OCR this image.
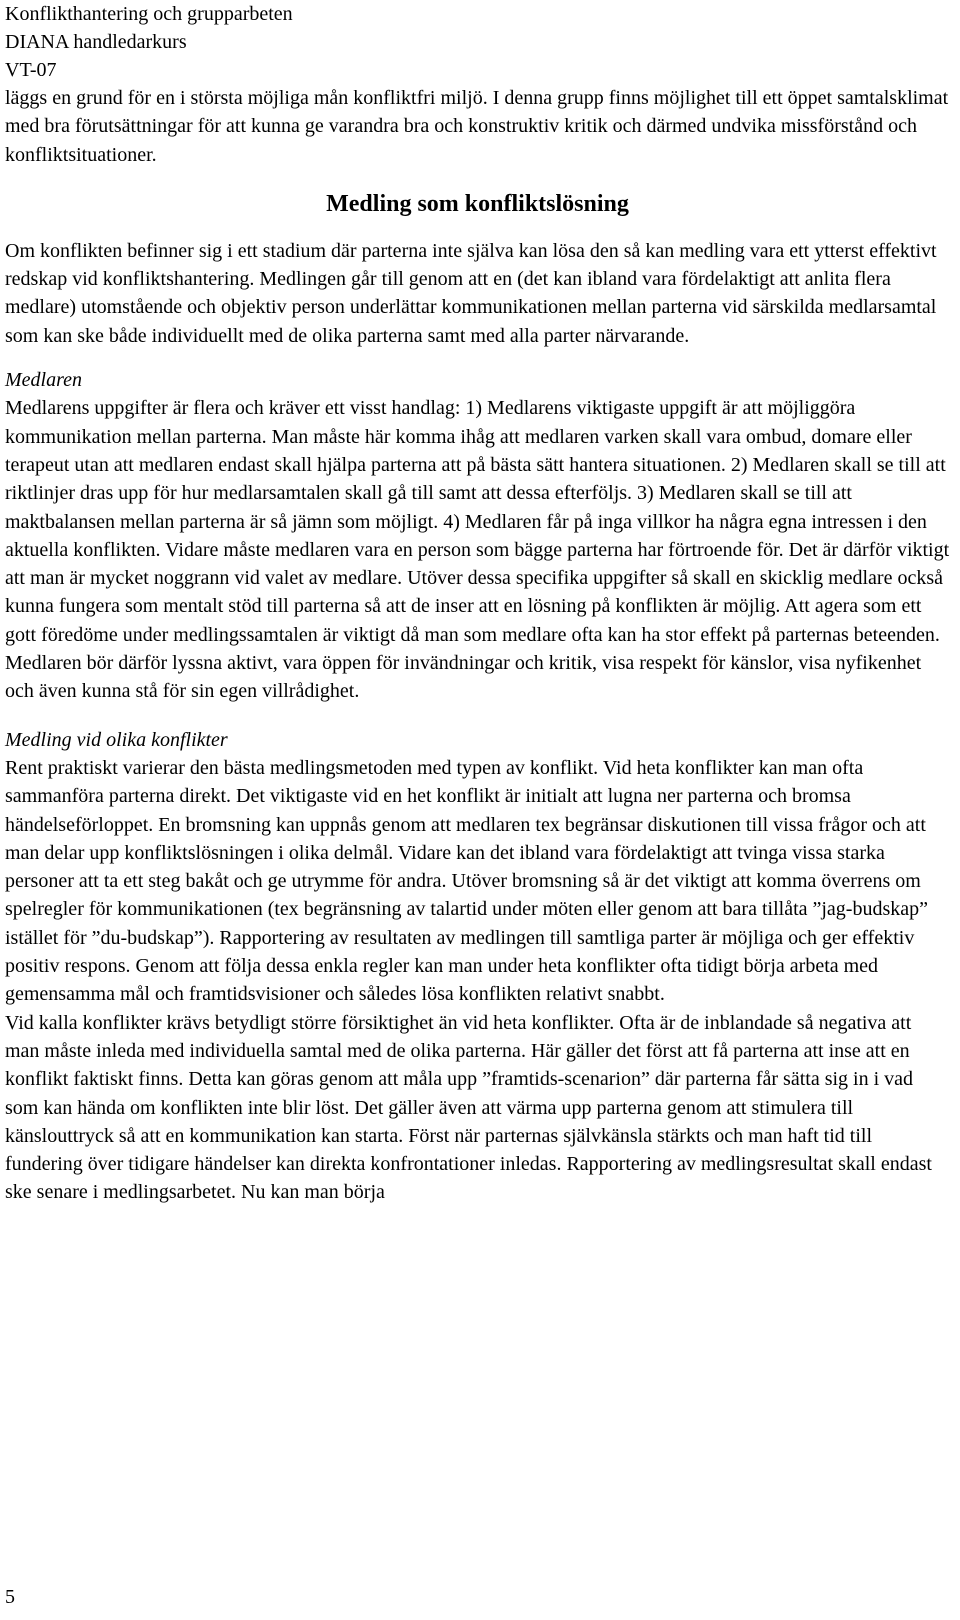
Konflikthantering och grupparbeten

DIANA handledarkurs

VT-07

läggs en grund för en i största möjliga mån konfliktfri miljö. I denna grupp finns möjlighet till ett öppet samtalsklimat med bra förutsättningar för att kunna ge varandra bra och konstruktiv kritik och därmed undvika missförstånd och konfliktsituationer.

Medling som konfliktslösning

Om konflikten befinner sig i ett stadium där parterna inte själva kan lösa den så kan medling vara ett ytterst effektivt redskap vid konfliktshantering. Medlingen går till genom att en (det kan ibland vara fördelaktigt att anlita flera medlare) utomstående och objektiv person underlättar kommunikationen mellan parterna vid särskilda medlarsamtal som kan ske både individuellt med de olika parterna samt med alla parter närvarande.

Medlaren

Medlarens uppgifter är flera och kräver ett visst handlag: 1) Medlarens viktigaste uppgift är att möjliggöra kommunikation mellan parterna. Man måste här komma ihåg att medlaren varken skall vara ombud, domare eller terapeut utan att medlaren endast skall hjälpa parterna att på bästa sätt hantera situationen. 2) Medlaren skall se till att riktlinjer dras upp för hur medlarsamtalen skall gå till samt att dessa efterföljs. 3) Medlaren skall se till att maktbalansen mellan parterna är så jämn som möjligt. 4) Medlaren får på inga villkor ha några egna intressen i den aktuella konflikten. Vidare måste medlaren vara en person som bägge parterna har förtroende för. Det är därför viktigt att man är mycket noggrann vid valet av medlare. Utöver dessa specifika uppgifter så skall en skicklig medlare också kunna fungera som mentalt stöd till parterna så att de inser att en lösning på konflikten är möjlig. Att agera som ett gott föredöme under medlingssamtalen är viktigt då man som medlare ofta kan ha stor effekt på parternas beteenden. Medlaren bör därför lyssna aktivt, vara öppen för invändningar och kritik, visa respekt för känslor, visa nyfikenhet och även kunna stå för sin egen villrådighet.

Medling vid olika konflikter

Rent praktiskt varierar den bästa medlingsmetoden med typen av konflikt. Vid heta konflikter kan man ofta sammanföra parterna direkt. Det viktigaste vid en het konflikt är initialt att lugna ner parterna och bromsa händelseförloppet. En bromsning kan uppnås genom att medlaren tex begränsar diskutionen till vissa frågor och att man delar upp konfliktslösningen i olika delmål. Vidare kan det ibland vara fördelaktigt att tvinga vissa starka personer att ta ett steg bakåt och ge utrymme för andra. Utöver bromsning så är det viktigt att komma överrens om spelregler för kommunikationen (tex begränsning av talartid under möten eller genom att bara tillåta ”jag-budskap” istället för ”du-budskap”). Rapportering av resultaten av medlingen till samtliga parter är möjliga och ger effektiv positiv respons. Genom att följa dessa enkla regler kan man under heta konflikter ofta tidigt börja arbeta med gemensamma mål och framtidsvisioner och således lösa konflikten relativt snabbt.

Vid kalla konflikter krävs betydligt större försiktighet än vid heta konflikter. Ofta är de inblandade så negativa att man måste inleda med individuella samtal med de olika parterna. Här gäller det först att få parterna att inse att en konflikt faktiskt finns. Detta kan göras genom att måla upp ”framtids-scenarion” där parterna får sätta sig in i vad som kan hända om konflikten inte blir löst. Det gäller även att värma upp parterna genom att stimulera till känslouttryck så att en kommunikation kan starta. Först när parternas självkänsla stärkts och man haft tid till fundering över tidigare händelser kan direkta konfrontationer inledas. Rapportering av medlingsresultat skall endast ske senare i medlingsarbetet. Nu kan man börja

5
